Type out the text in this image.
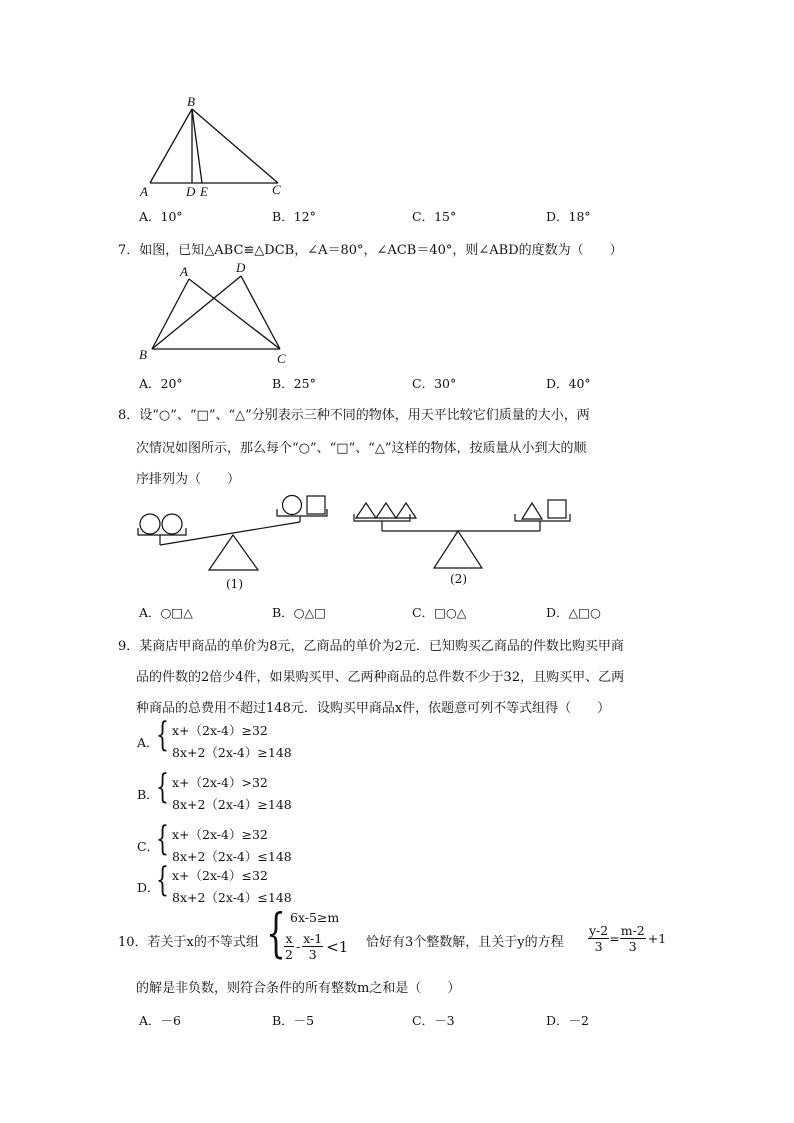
B
A	D E	C
A．10°	B．12°	C．15°	D．18°
7．如图，已知△ABC≌△DCB，∠A＝80°，∠ACB＝40°，则∠ABD的度数为（　　）
A	D
B	C
A．20°	B．25°	C．30°	D．40°
8．设“○”、“□”、“△”分别表示三种不同的物体，用天平比较它们质量的大小，两
次情况如图所示，那么每个“○”、“□”、“△”这样的物体，按质量从小到大的顺
序排列为（　　）
(1)	(2)
A．○□△	B．○△□	C．□○△	D．△□○
9．某商店甲商品的单价为8元，乙商品的单价为2元．已知购买乙商品的件数比购买甲商
品的件数的2倍少4件，如果购买甲、乙两种商品的总件数不少于32，且购买甲、乙两
种商品的总费用不超过148元．设购买甲商品x件，依题意可列不等式组得（　　）
A．
{ x+（2x-4）≥32
8x+2（2x-4）≥148
B．
{ x+（2x-4）>32
8x+2（2x-4）≥148
C．
{ x+（2x-4）≥32
8x+2（2x-4）≤148
D．
{ x+（2x-4）≤32
8x+2（2x-4）≤148
10．若关于x的不等式组 { 6x-5≥m
$\frac{x}{2} - \frac{x-1}{3} <1$ 恰好有3个整数解，且关于y的方程 $\frac{y-2}{3} = \frac{m-2}{3} +1$
的解是非负数，则符合条件的所有整数m之和是（　　）
A．－6	B．－5	C．－3	D．－2
